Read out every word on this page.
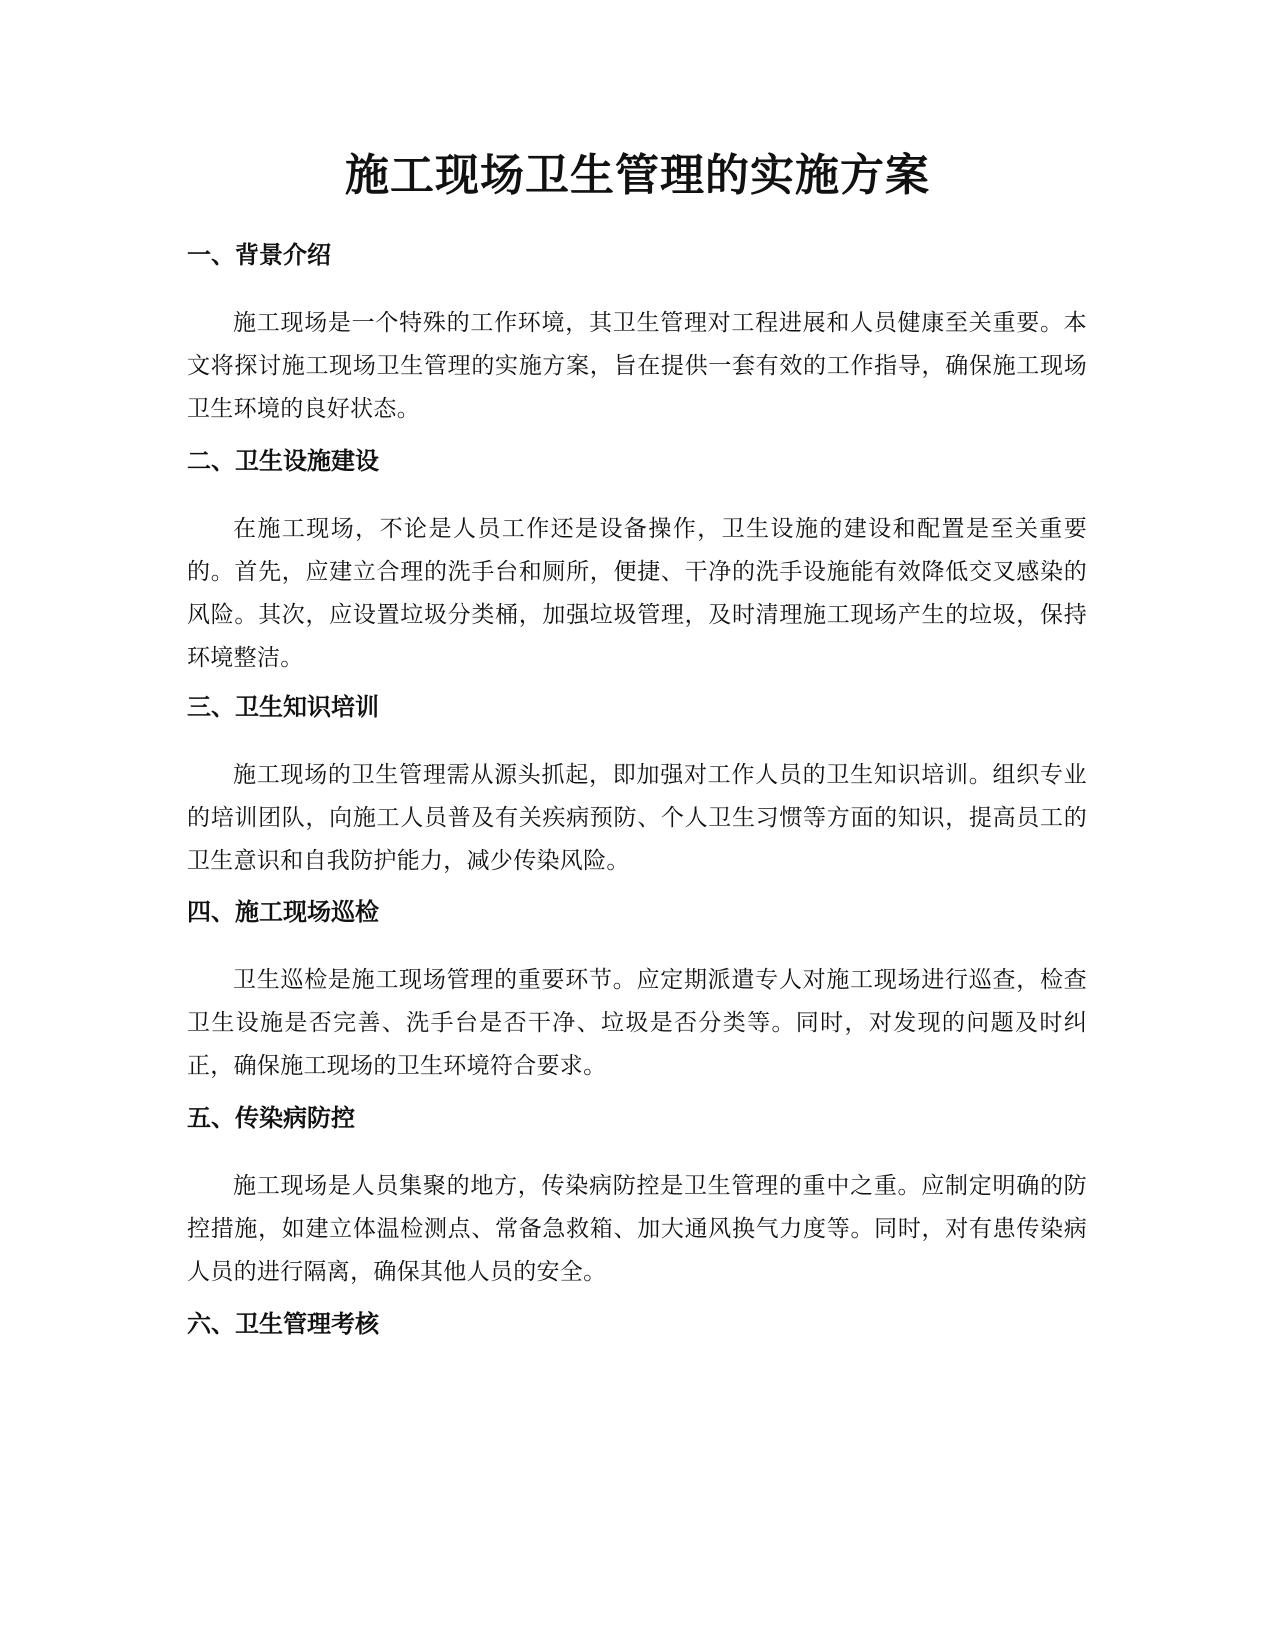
施工现场卫生管理的实施方案
一、背景介绍

施工现场是一个特殊的工作环境，其卫生管理对工程进展和人员健康至关重要。本文将探讨施工现场卫生管理的实施方案，旨在提供一套有效的工作指导，确保施工现场卫生环境的良好状态。

二、卫生设施建设

在施工现场，不论是人员工作还是设备操作，卫生设施的建设和配置是至关重要的。首先，应建立合理的洗手台和厕所，便捷、干净的洗手设施能有效降低交叉感染的风险。其次，应设置垃圾分类桶，加强垃圾管理，及时清理施工现场产生的垃圾，保持环境整洁。

三、卫生知识培训

施工现场的卫生管理需从源头抓起，即加强对工作人员的卫生知识培训。组织专业的培训团队，向施工人员普及有关疾病预防、个人卫生习惯等方面的知识，提高员工的卫生意识和自我防护能力，减少传染风险。

四、施工现场巡检

卫生巡检是施工现场管理的重要环节。应定期派遣专人对施工现场进行巡查，检查卫生设施是否完善、洗手台是否干净、垃圾是否分类等。同时，对发现的问题及时纠正，确保施工现场的卫生环境符合要求。

五、传染病防控

施工现场是人员集聚的地方，传染病防控是卫生管理的重中之重。应制定明确的防控措施，如建立体温检测点、常备急救箱、加大通风换气力度等。同时，对有患传染病人员的进行隔离，确保其他人员的安全。

六、卫生管理考核
